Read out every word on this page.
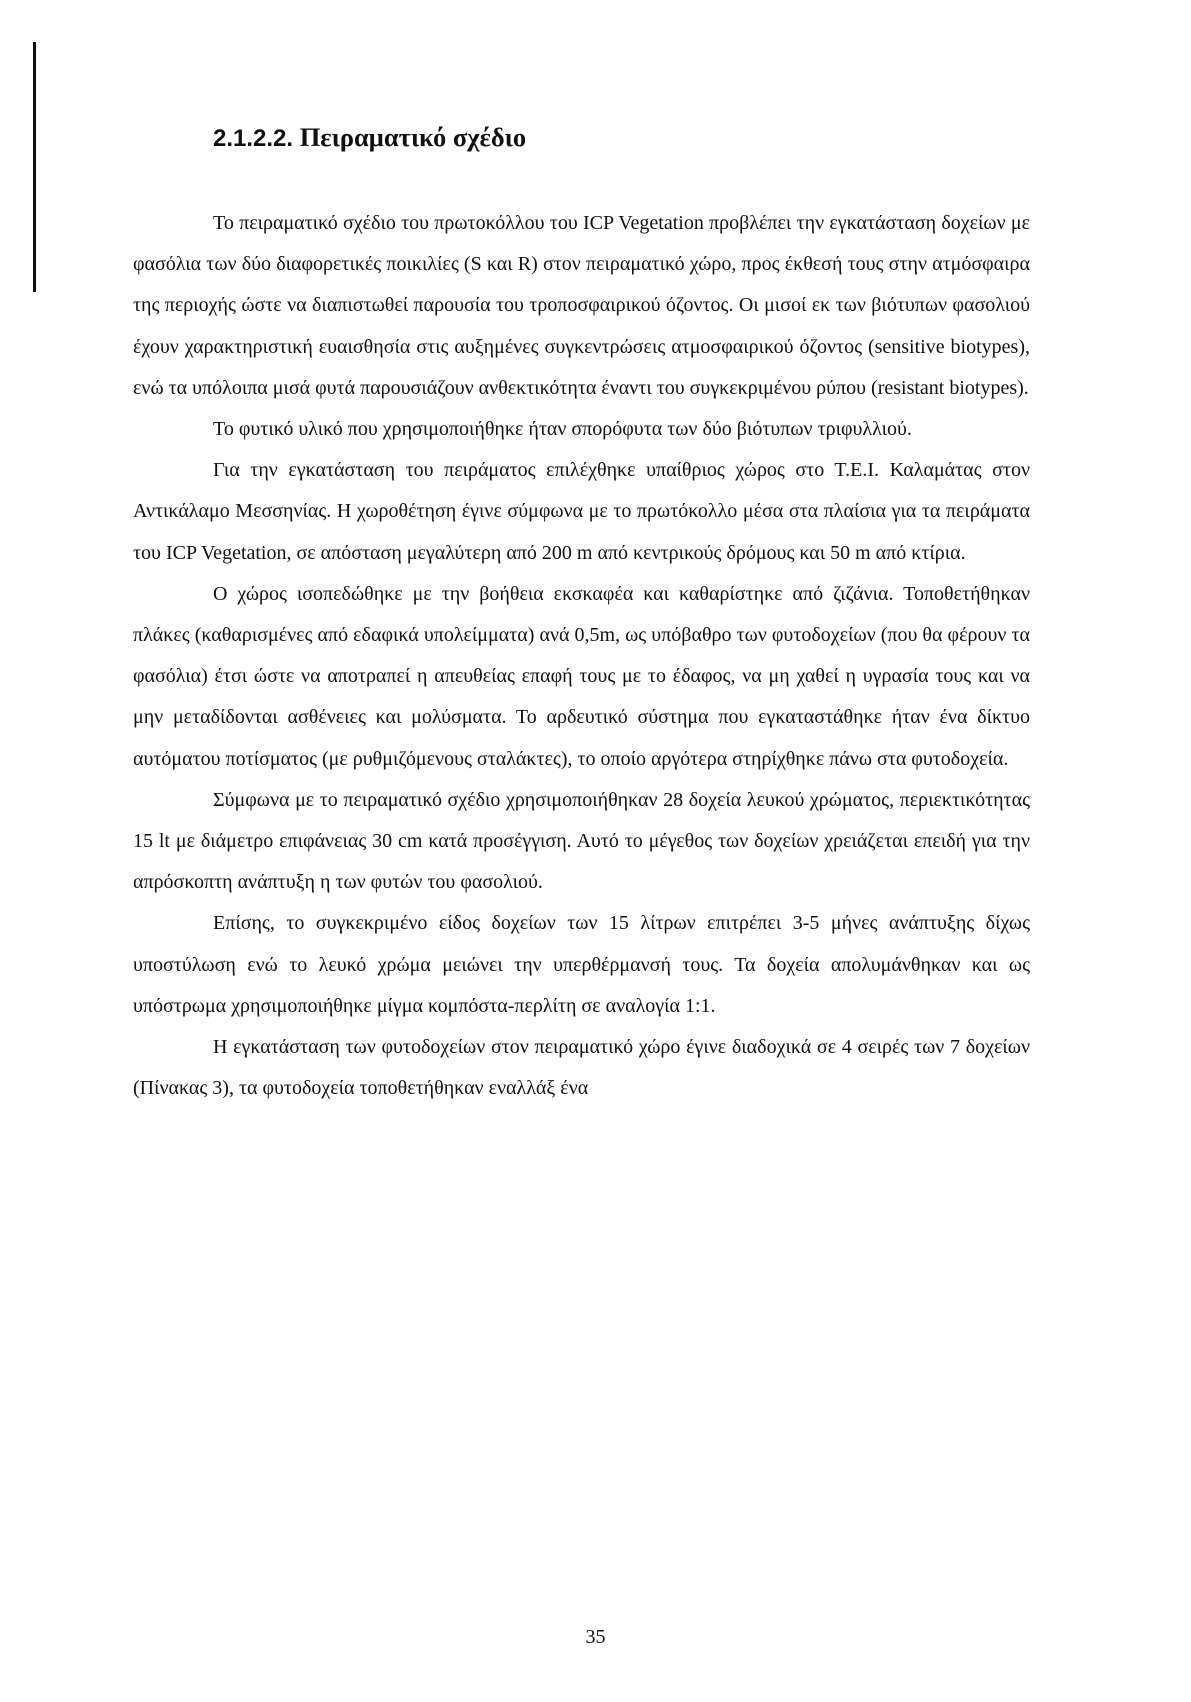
2.1.2.2. Πειραματικό σχέδιο

Το πειραματικό σχέδιο του πρωτοκόλλου του ICP Vegetation προβλέπει την εγκατάσταση δοχείων με φασόλια των δύο διαφορετικές ποικιλίες (S και R) στον πειραματικό χώρο, προς έκθεσή τους στην ατμόσφαιρα της περιοχής ώστε να διαπιστωθεί παρουσία του τροποσφαιρικού όζοντος. Οι μισοί εκ των βιότυπων φασολιού έχουν χαρακτηριστική ευαισθησία στις αυξημένες συγκεντρώσεις ατμοσφαιρικού όζοντος (sensitive biotypes), ενώ τα υπόλοιπα μισά φυτά παρουσιάζουν ανθεκτικότητα έναντι του συγκεκριμένου ρύπου (resistant biotypes).

Το φυτικό υλικό που χρησιμοποιήθηκε ήταν σπορόφυτα των δύο βιότυπων τριφυλλιού.

Για την εγκατάσταση του πειράματος επιλέχθηκε υπαίθριος χώρος στο Τ.Ε.Ι. Καλαμάτας στον Αντικάλαμο Μεσσηνίας. Η χωροθέτηση έγινε σύμφωνα με το πρωτόκολλο μέσα στα πλαίσια για τα πειράματα του ICP Vegetation, σε απόσταση μεγαλύτερη από 200 m από κεντρικούς δρόμους και 50 m από κτίρια.

Ο χώρος ισοπεδώθηκε με την βοήθεια εκσκαφέα και καθαρίστηκε από ζιζάνια. Τοποθετήθηκαν πλάκες (καθαρισμένες από εδαφικά υπολείμματα) ανά 0,5m, ως υπόβαθρο των φυτοδοχείων (που θα φέρουν τα φασόλια) έτσι ώστε να αποτραπεί η απευθείας επαφή τους με το έδαφος, να μη χαθεί η υγρασία τους και να μην μεταδίδονται ασθένειες και μολύσματα. Το αρδευτικό σύστημα που εγκαταστάθηκε ήταν ένα δίκτυο αυτόματου ποτίσματος (με ρυθμιζόμενους σταλάκτες), το οποίο αργότερα στηρίχθηκε πάνω στα φυτοδοχεία.

Σύμφωνα με το πειραματικό σχέδιο χρησιμοποιήθηκαν 28 δοχεία λευκού χρώματος, περιεκτικότητας 15 lt με διάμετρο επιφάνειας 30 cm κατά προσέγγιση. Αυτό το μέγεθος των δοχείων χρειάζεται επειδή για την απρόσκοπτη ανάπτυξη η των φυτών του φασολιού.

Επίσης, το συγκεκριμένο είδος δοχείων των 15 λίτρων επιτρέπει 3-5 μήνες ανάπτυξης δίχως υποστύλωση ενώ το λευκό χρώμα μειώνει την υπερθέρμανσή τους. Τα δοχεία απολυμάνθηκαν και ως υπόστρωμα χρησιμοποιήθηκε μίγμα κομπόστα-περλίτη σε αναλογία 1:1.

Η εγκατάσταση των φυτοδοχείων στον πειραματικό χώρο έγινε διαδοχικά σε 4 σειρές των 7 δοχείων (Πίνακας 3), τα φυτοδοχεία τοποθετήθηκαν εναλλάξ ένα

35
